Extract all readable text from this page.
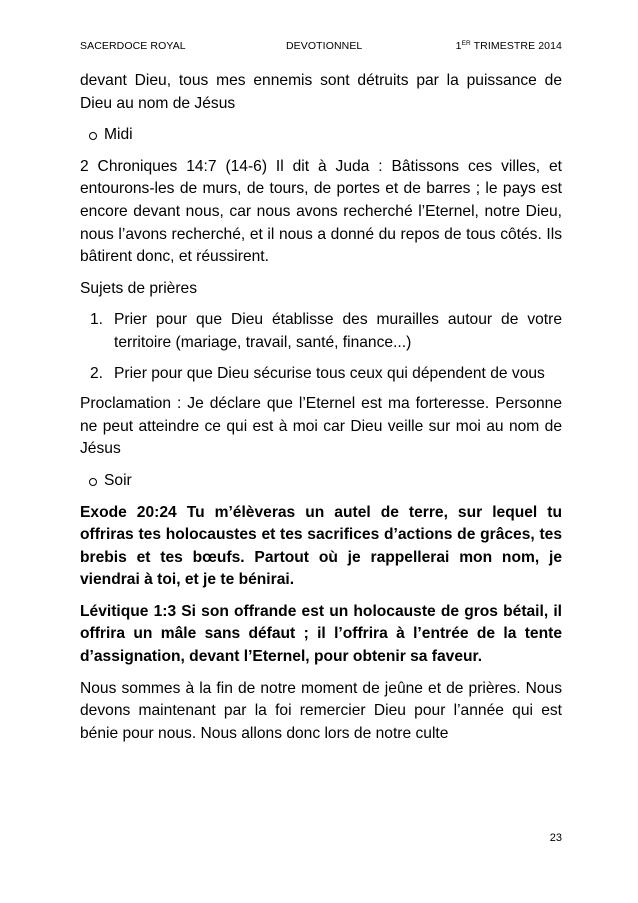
SACERDOCE ROYAL	DEVOTIONNEL	1ER TRIMESTRE 2014

devant Dieu, tous mes ennemis sont détruits par la puissance de Dieu au nom de Jésus

Midi

2 Chroniques 14:7 (14-6) Il dit à Juda : Bâtissons ces villes, et entourons-les de murs, de tours, de portes et de barres ; le pays est encore devant nous, car nous avons recherché l’Eternel, notre Dieu, nous l’avons recherché, et il nous a donné du repos de tous côtés. Ils bâtirent donc, et réussirent.

Sujets de prières

1. Prier pour que Dieu établisse des murailles autour de votre territoire (mariage, travail, santé, finance...)
2. Prier pour que Dieu sécurise tous ceux qui dépendent de vous

Proclamation : Je déclare que l’Eternel est ma forteresse. Personne ne peut atteindre ce qui est à moi car Dieu veille sur moi au nom de Jésus

Soir

Exode 20:24 Tu m’élèveras un autel de terre, sur lequel tu offriras tes holocaustes et tes sacrifices d’actions de grâces, tes brebis et tes bœufs. Partout où je rappellerai mon nom, je viendrai à toi, et je te bénirai.

Lévitique 1:3 Si son offrande est un holocauste de gros bétail, il offrira un mâle sans défaut ; il l’offrira à l’entrée de la tente d’assignation, devant l’Eternel, pour obtenir sa faveur.

Nous sommes à la fin de notre moment de jeûne et de prières. Nous devons maintenant par la foi remercier Dieu pour l’année qui est bénie pour nous. Nous allons donc lors de notre culte

23
